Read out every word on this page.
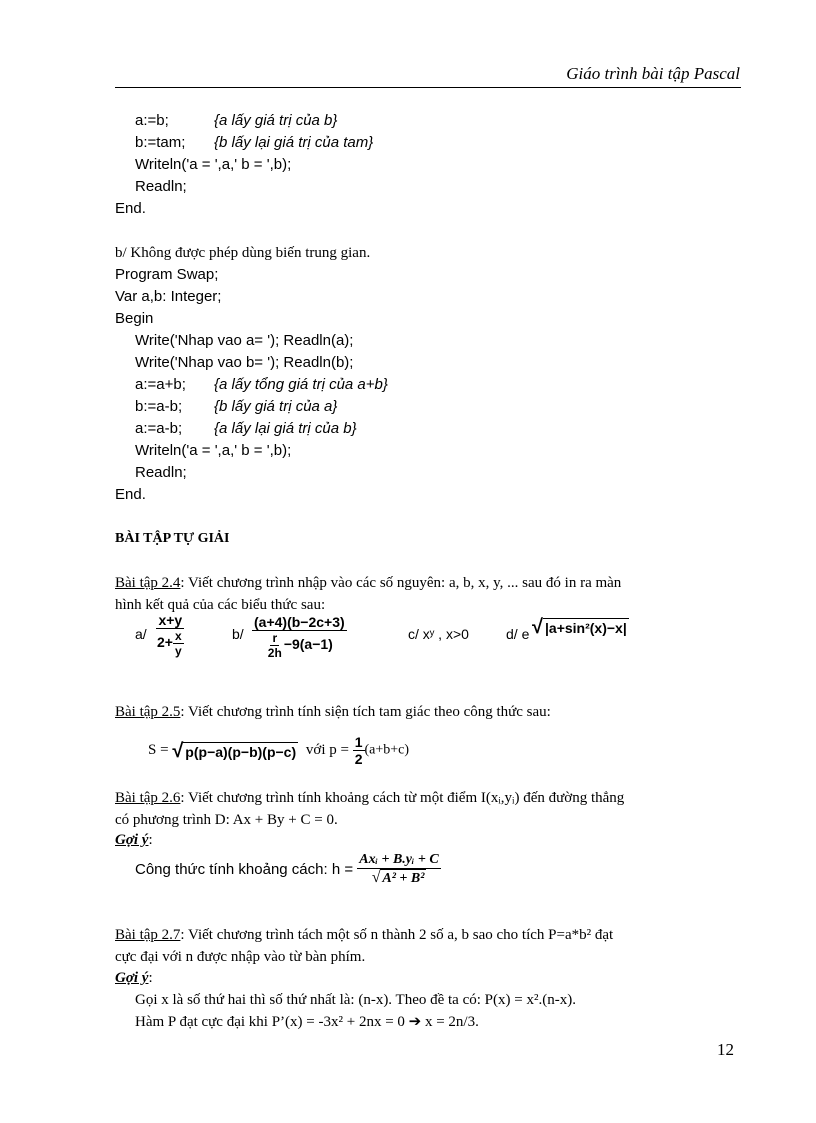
Giáo trình bài tập Pascal
a:=b;	{a lấy giá trị của b}
b:=tam; {b lấy lại giá trị của tam}
Writeln('a = ',a,' b = ',b);
Readln;
End.
b/ Không được phép dùng biến trung gian.
Program Swap;
Var a,b: Integer;
Begin
Write('Nhap vao a= '); Readln(a);
Write('Nhap vao b= '); Readln(b);
a:=a+b; {a lấy tổng giá trị của a+b}
b:=a-b; {b lấy giá trị của a}
a:=a-b; {a lấy lại giá trị của b}
Writeln('a = ',a,' b = ',b);
Readln;
End.
BÀI TẬP TỰ GIẢI
Bài tập 2.4: Viết chương trình nhập vào các số nguyên: a, b, x, y, ... sau đó in ra màn
hình kết quả của các biểu thức sau:
$a/ \frac{x+y}{2+ \frac{x}{y}}$	$b/ \frac{(a+4)(b-2c+3)}{\frac{r}{2h} -9(a-1)}$	c/ xʸ , x>0	d/ e √ |a+sin²(x)−x|
Bài tập 2.5: Viết chương trình tính siện tích tam giác theo công thức sau:
S = √ p(p−a)(p−b)(p−c) với $p = \frac{1}{2} (a+b+c)$
Bài tập 2.6: Viết chương trình tính khoảng cách từ một điểm I(xᵢ,yᵢ) đến đường thẳng
có phương trình D: Ax + By + C = 0.
Gợi ý:
Công thức tính khoảng cách: $h = \frac{\text{Axᵢ + B.yᵢ + C}}{\text{√ A² + B²}}$
Bài tập 2.7: Viết chương trình tách một số n thành 2 số a, b sao cho tích P=a*b² đạt
cực đại với n được nhập vào từ bàn phím.
Gợi ý:
Gọi x là số thứ hai thì số thứ nhất là: (n-x). Theo đề ta có: P(x) = x².(n-x).
Hàm P đạt cực đại khi P’(x) = -3x² + 2nx = 0 ➔ x = 2n/3.
12
